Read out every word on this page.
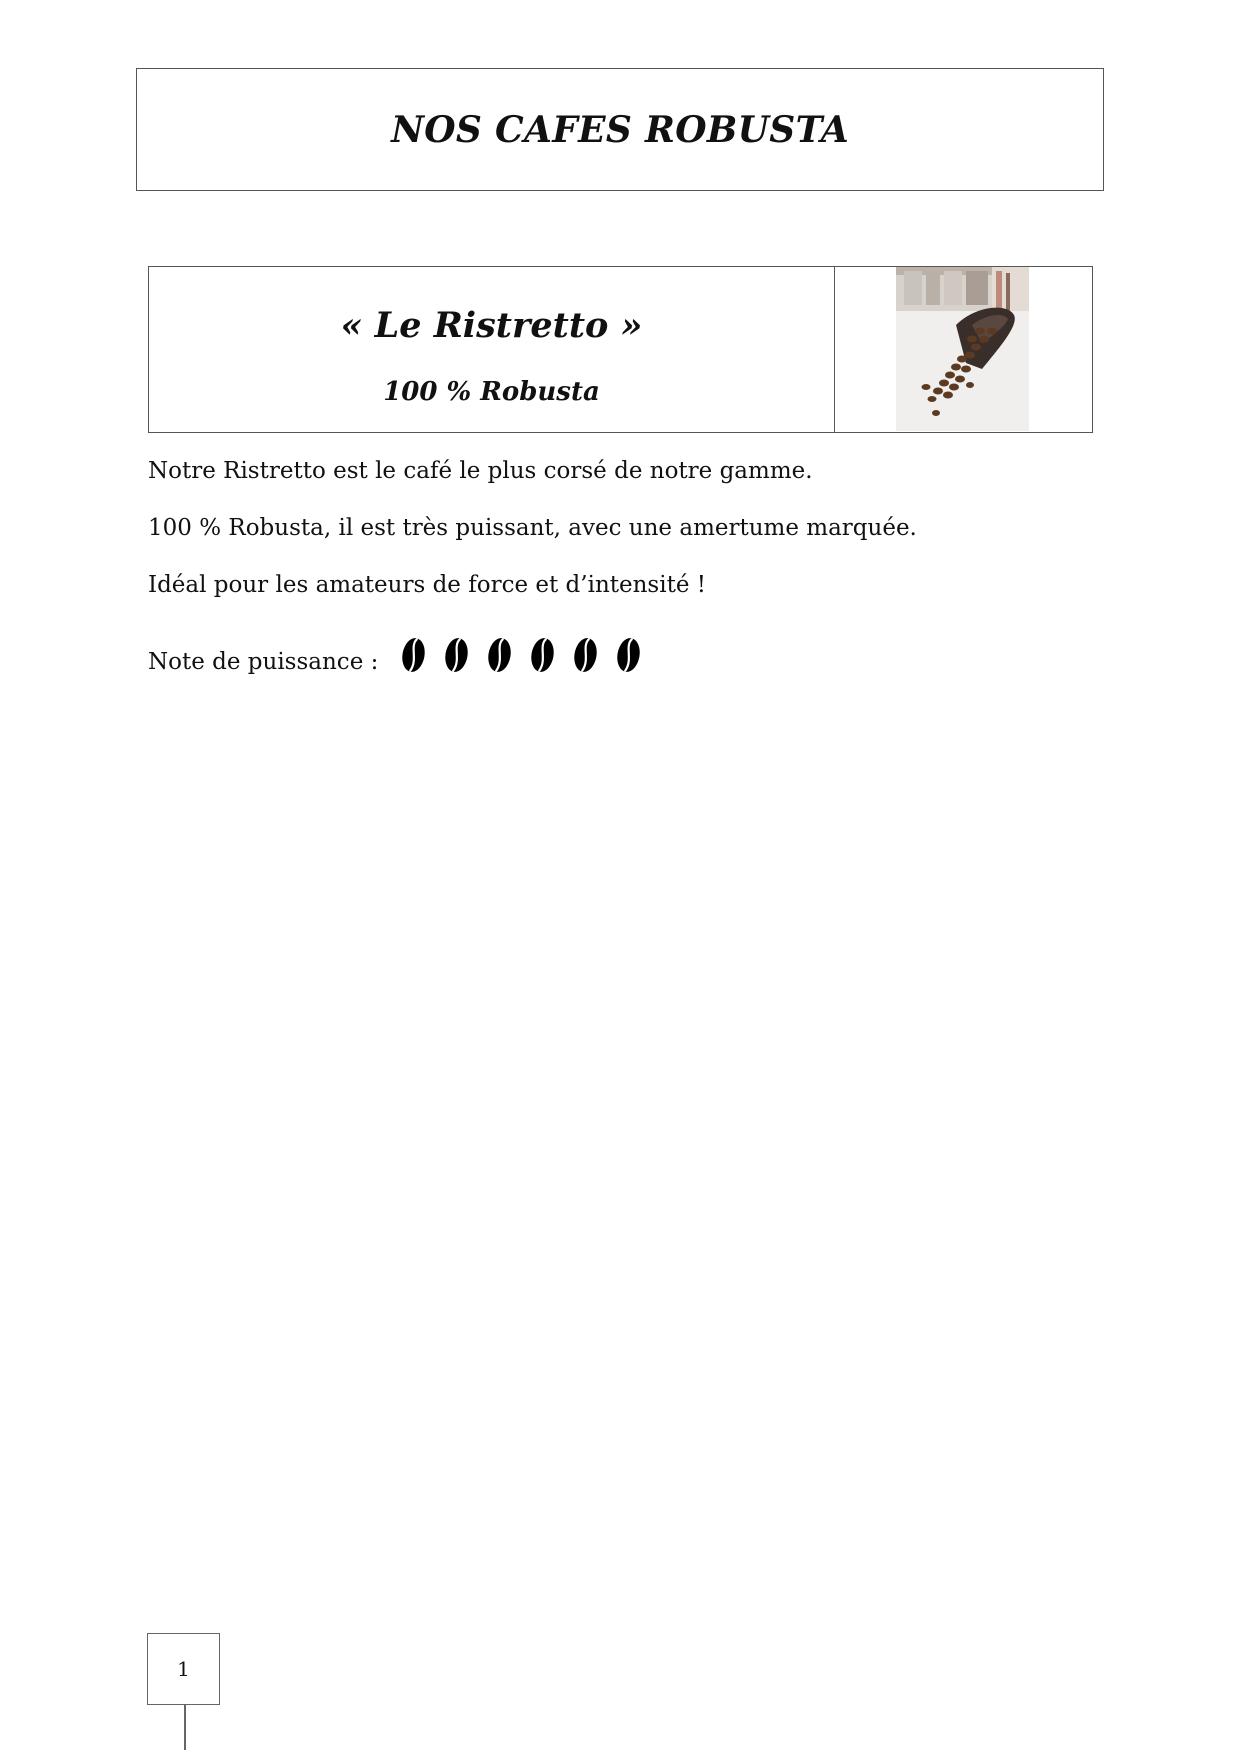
NOS CAFES ROBUSTA
« Le Ristretto »
100 % Robusta

Notre Ristretto est le café le plus corsé de notre gamme.

100 % Robusta, il est très puissant, avec une amertume marquée.

Idéal pour les amateurs de force et d’intensité !

Note de puissance :
1
